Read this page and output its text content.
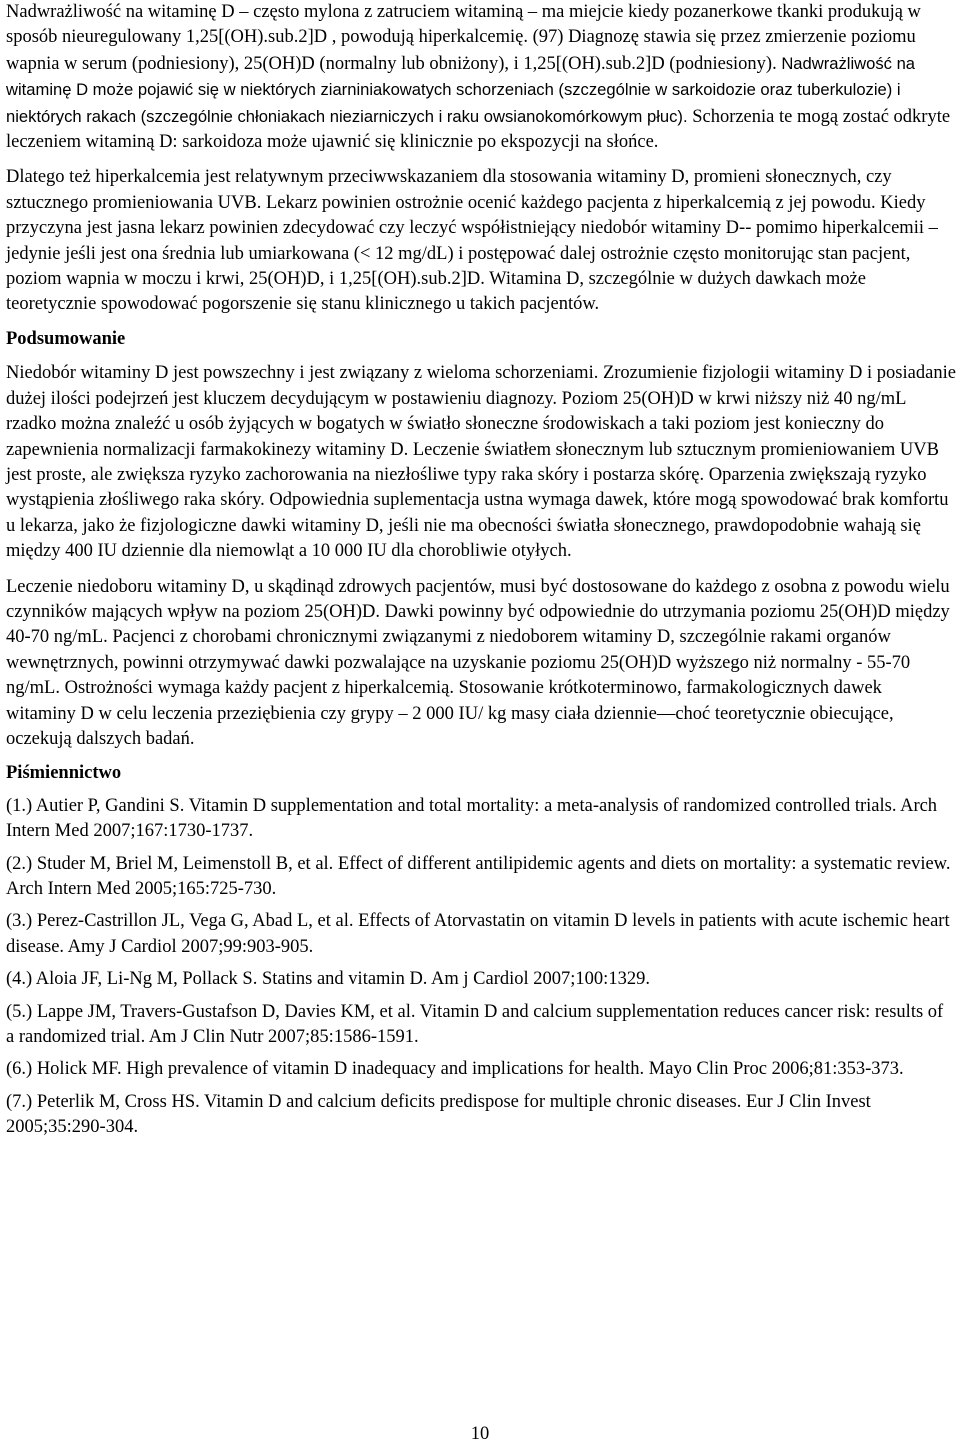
Nadwrażliwość na witaminę D – często mylona z zatruciem witaminą – ma miejcie kiedy pozanerkowe tkanki produkują w sposób nieuregulowany 1,25[(OH).sub.2]D , powodują hiperkalcemię. (97) Diagnozę stawia się przez zmierzenie poziomu wapnia w serum (podniesiony), 25(OH)D (normalny lub obniżony), i 1,25[(OH).sub.2]D (podniesiony). Nadwrażliwość na witaminę D może pojawić się w niektórych ziarniniakowatych schorzeniach (szczególnie w sarkoidozie oraz tuberkulozie) i niektórych rakach (szczególnie chłoniakach nieziarniczych i raku owsianokomórkowym płuc). Schorzenia te mogą zostać odkryte leczeniem witaminą D: sarkoidoza może ujawnić się klinicznie po ekspozycji na słońce.

Dlatego też hiperkalcemia jest relatywnym przeciwwskazaniem dla stosowania witaminy D, promieni słonecznych, czy sztucznego promieniowania UVB. Lekarz powinien ostrożnie ocenić każdego pacjenta z hiperkalcemią z jej powodu. Kiedy przyczyna jest jasna lekarz powinien zdecydować czy leczyć współistniejący niedobór witaminy D-- pomimo hiperkalcemii – jedynie jeśli jest ona średnia lub umiarkowana (< 12 mg/dL) i postępować dalej ostrożnie często monitorując stan pacjent, poziom wapnia w moczu i krwi, 25(OH)D, i 1,25[(OH).sub.2]D. Witamina D, szczególnie w dużych dawkach może teoretycznie spowodować pogorszenie się stanu klinicznego u takich pacjentów.

Podsumowanie

Niedobór witaminy D jest powszechny i jest związany z wieloma schorzeniami. Zrozumienie fizjologii witaminy D i posiadanie dużej ilości podejrzeń jest kluczem decydującym w postawieniu diagnozy. Poziom 25(OH)D w krwi niższy niż 40 ng/mL rzadko można znaleźć u osób żyjących w bogatych w światło słoneczne środowiskach a taki poziom jest konieczny do zapewnienia normalizacji farmakokinezy witaminy D. Leczenie światłem słonecznym lub sztucznym promieniowaniem UVB jest proste, ale zwiększa ryzyko zachorowania na niezłośliwe typy raka skóry i postarza skórę. Oparzenia zwiększają ryzyko wystąpienia złośliwego raka skóry. Odpowiednia suplementacja ustna wymaga dawek, które mogą spowodować brak komfortu u lekarza, jako że fizjologiczne dawki witaminy D, jeśli nie ma obecności światła słonecznego, prawdopodobnie wahają się między 400 IU dziennie dla niemowląt a 10 000 IU dla chorobliwie otyłych.

Leczenie niedoboru witaminy D, u skądinąd zdrowych pacjentów, musi być dostosowane do każdego z osobna z powodu wielu czynników mających wpływ na poziom 25(OH)D. Dawki powinny być odpowiednie do utrzymania poziomu 25(OH)D między 40-70 ng/mL. Pacjenci z chorobami chronicznymi związanymi z niedoborem witaminy D, szczególnie rakami organów wewnętrznych, powinni otrzymywać dawki pozwalające na uzyskanie poziomu 25(OH)D wyższego niż normalny - 55-70 ng/mL. Ostrożności wymaga każdy pacjent z hiperkalcemią. Stosowanie krótkoterminowo, farmakologicznych dawek witaminy D w celu leczenia przeziębienia czy grypy – 2 000 IU/ kg masy ciała dziennie—choć teoretycznie obiecujące, oczekują dalszych badań.

Piśmiennictwo

(1.) Autier P, Gandini S. Vitamin D supplementation and total mortality: a meta-analysis of randomized controlled trials. Arch Intern Med 2007;167:1730-1737.

(2.) Studer M, Briel M, Leimenstoll B, et al. Effect of different antilipidemic agents and diets on mortality: a systematic review. Arch Intern Med 2005;165:725-730.

(3.) Perez-Castrillon JL, Vega G, Abad L, et al. Effects of Atorvastatin on vitamin D levels in patients with acute ischemic heart disease. Amy J Cardiol 2007;99:903-905.

(4.) Aloia JF, Li-Ng M, Pollack S. Statins and vitamin D. Am j Cardiol 2007;100:1329.

(5.) Lappe JM, Travers-Gustafson D, Davies KM, et al. Vitamin D and calcium supplementation reduces cancer risk: results of a randomized trial. Am J Clin Nutr 2007;85:1586-1591.

(6.) Holick MF. High prevalence of vitamin D inadequacy and implications for health. Mayo Clin Proc 2006;81:353-373.

(7.) Peterlik M, Cross HS. Vitamin D and calcium deficits predispose for multiple chronic diseases. Eur J Clin Invest 2005;35:290-304.

10
